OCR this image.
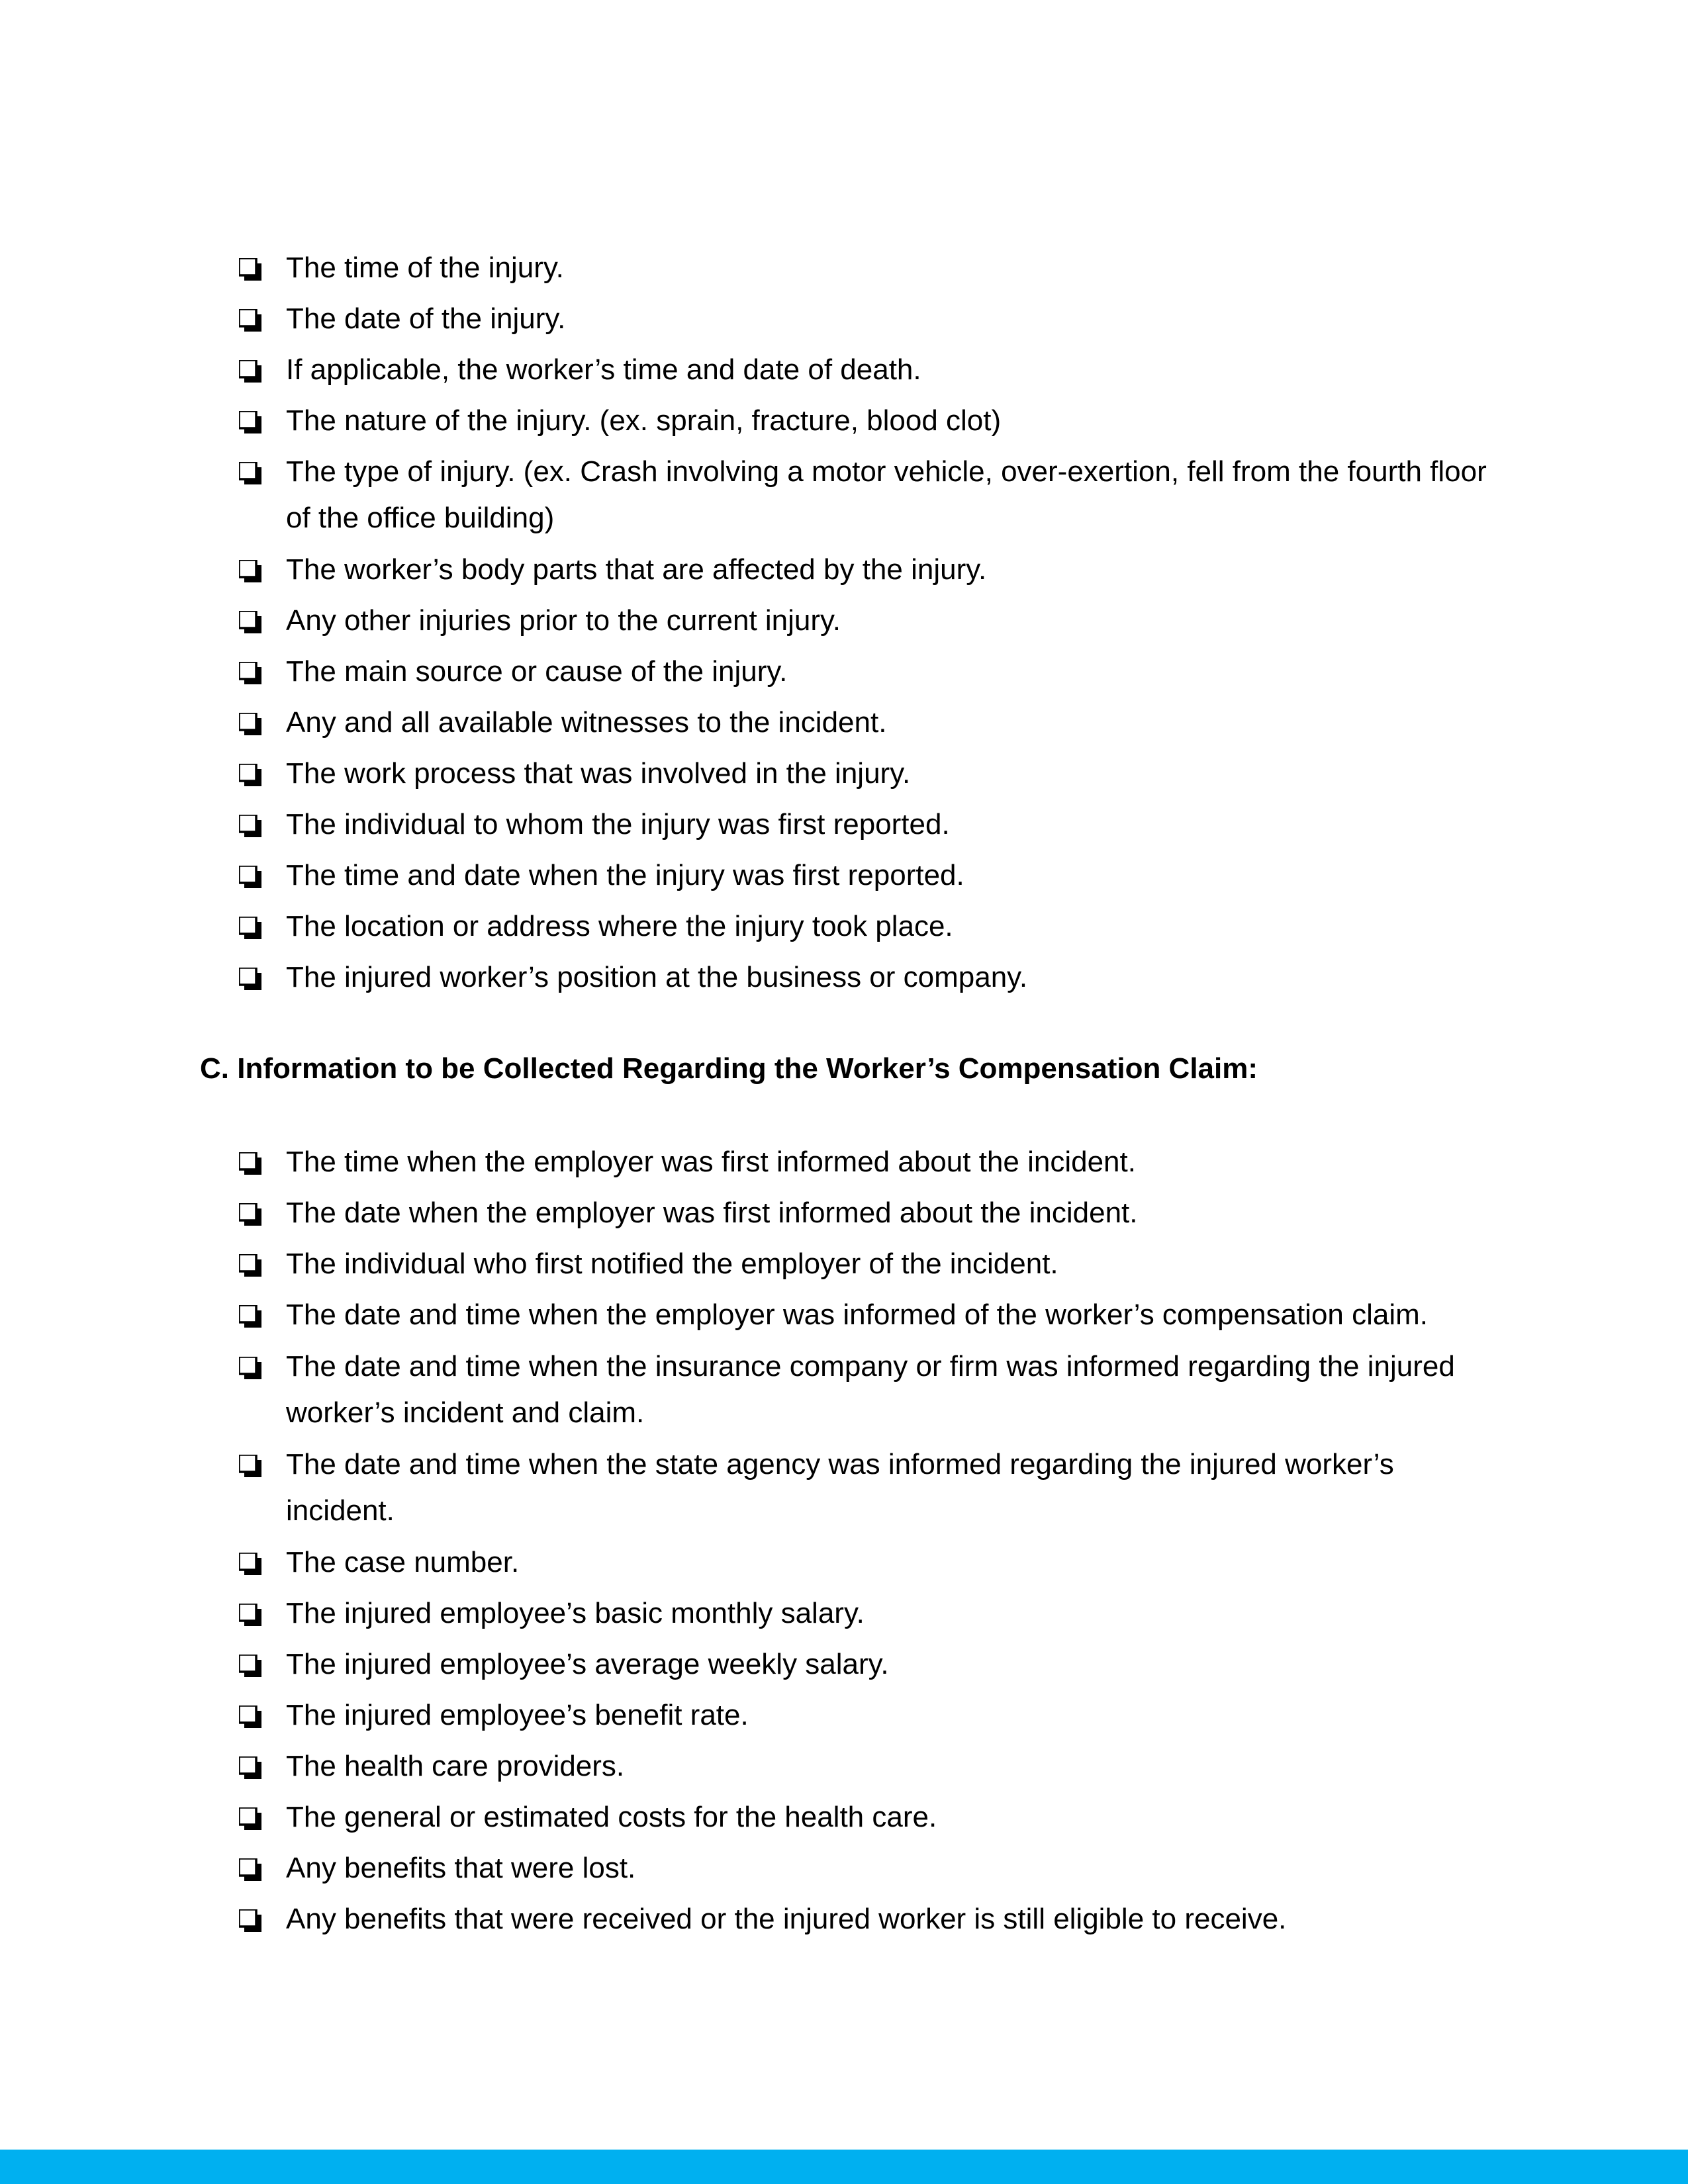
The time of the injury.
The date of the injury.
If applicable, the worker’s time and date of death.
The nature of the injury. (ex. sprain, fracture, blood clot)
The type of injury. (ex. Crash involving a motor vehicle, over-exertion, fell from the fourth floor of the office building)
The worker’s body parts that are affected by the injury.
Any other injuries prior to the current injury.
The main source or cause of the injury.
Any and all available witnesses to the incident.
The work process that was involved in the injury.
The individual to whom the injury was first reported.
The time and date when the injury was first reported.
The location or address where the injury took place.
The injured worker’s position at the business or company.
C. Information to be Collected Regarding the Worker’s Compensation Claim:
The time when the employer was first informed about the incident.
The date when the employer was first informed about the incident.
The individual who first notified the employer of the incident.
The date and time when the employer was informed of the worker’s compensation claim.
The date and time when the insurance company or firm was informed regarding the injured worker’s incident and claim.
The date and time when the state agency was informed regarding the injured worker’s incident.
The case number.
The injured employee’s basic monthly salary.
The injured employee’s average weekly salary.
The injured employee’s benefit rate.
The health care providers.
The general or estimated costs for the health care.
Any benefits that were lost.
Any benefits that were received or the injured worker is still eligible to receive.
